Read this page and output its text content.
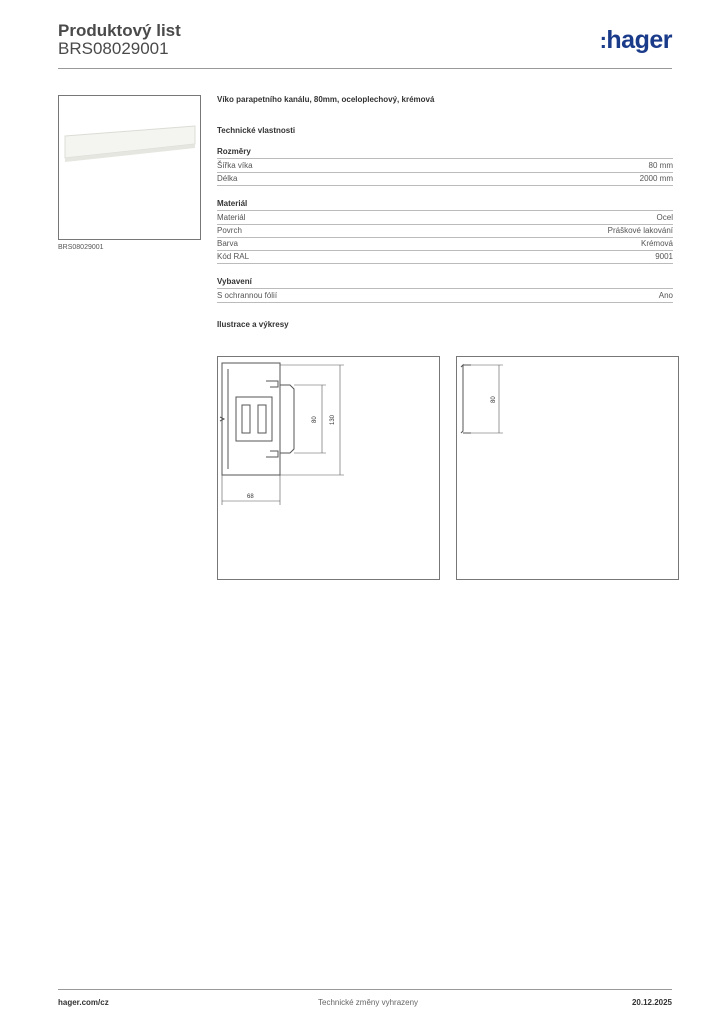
Produktový list
BRS08029001	:hager
BRS08029001
Víko parapetního kanálu, 80mm, oceloplechový, krémová
Technické vlastnosti
Rozměry
Šířka víka	80 mm
Délka	2000 mm
Materiál
Materiál	Ocel
Povrch	Práškové lakování
Barva	Krémová
Kód RAL	9001
Vybavení
S ochrannou fólií	Ano
Ilustrace a výkresy
80 130
68
80
hager.com/cz	Technické změny vyhrazeny	20.12.2025
